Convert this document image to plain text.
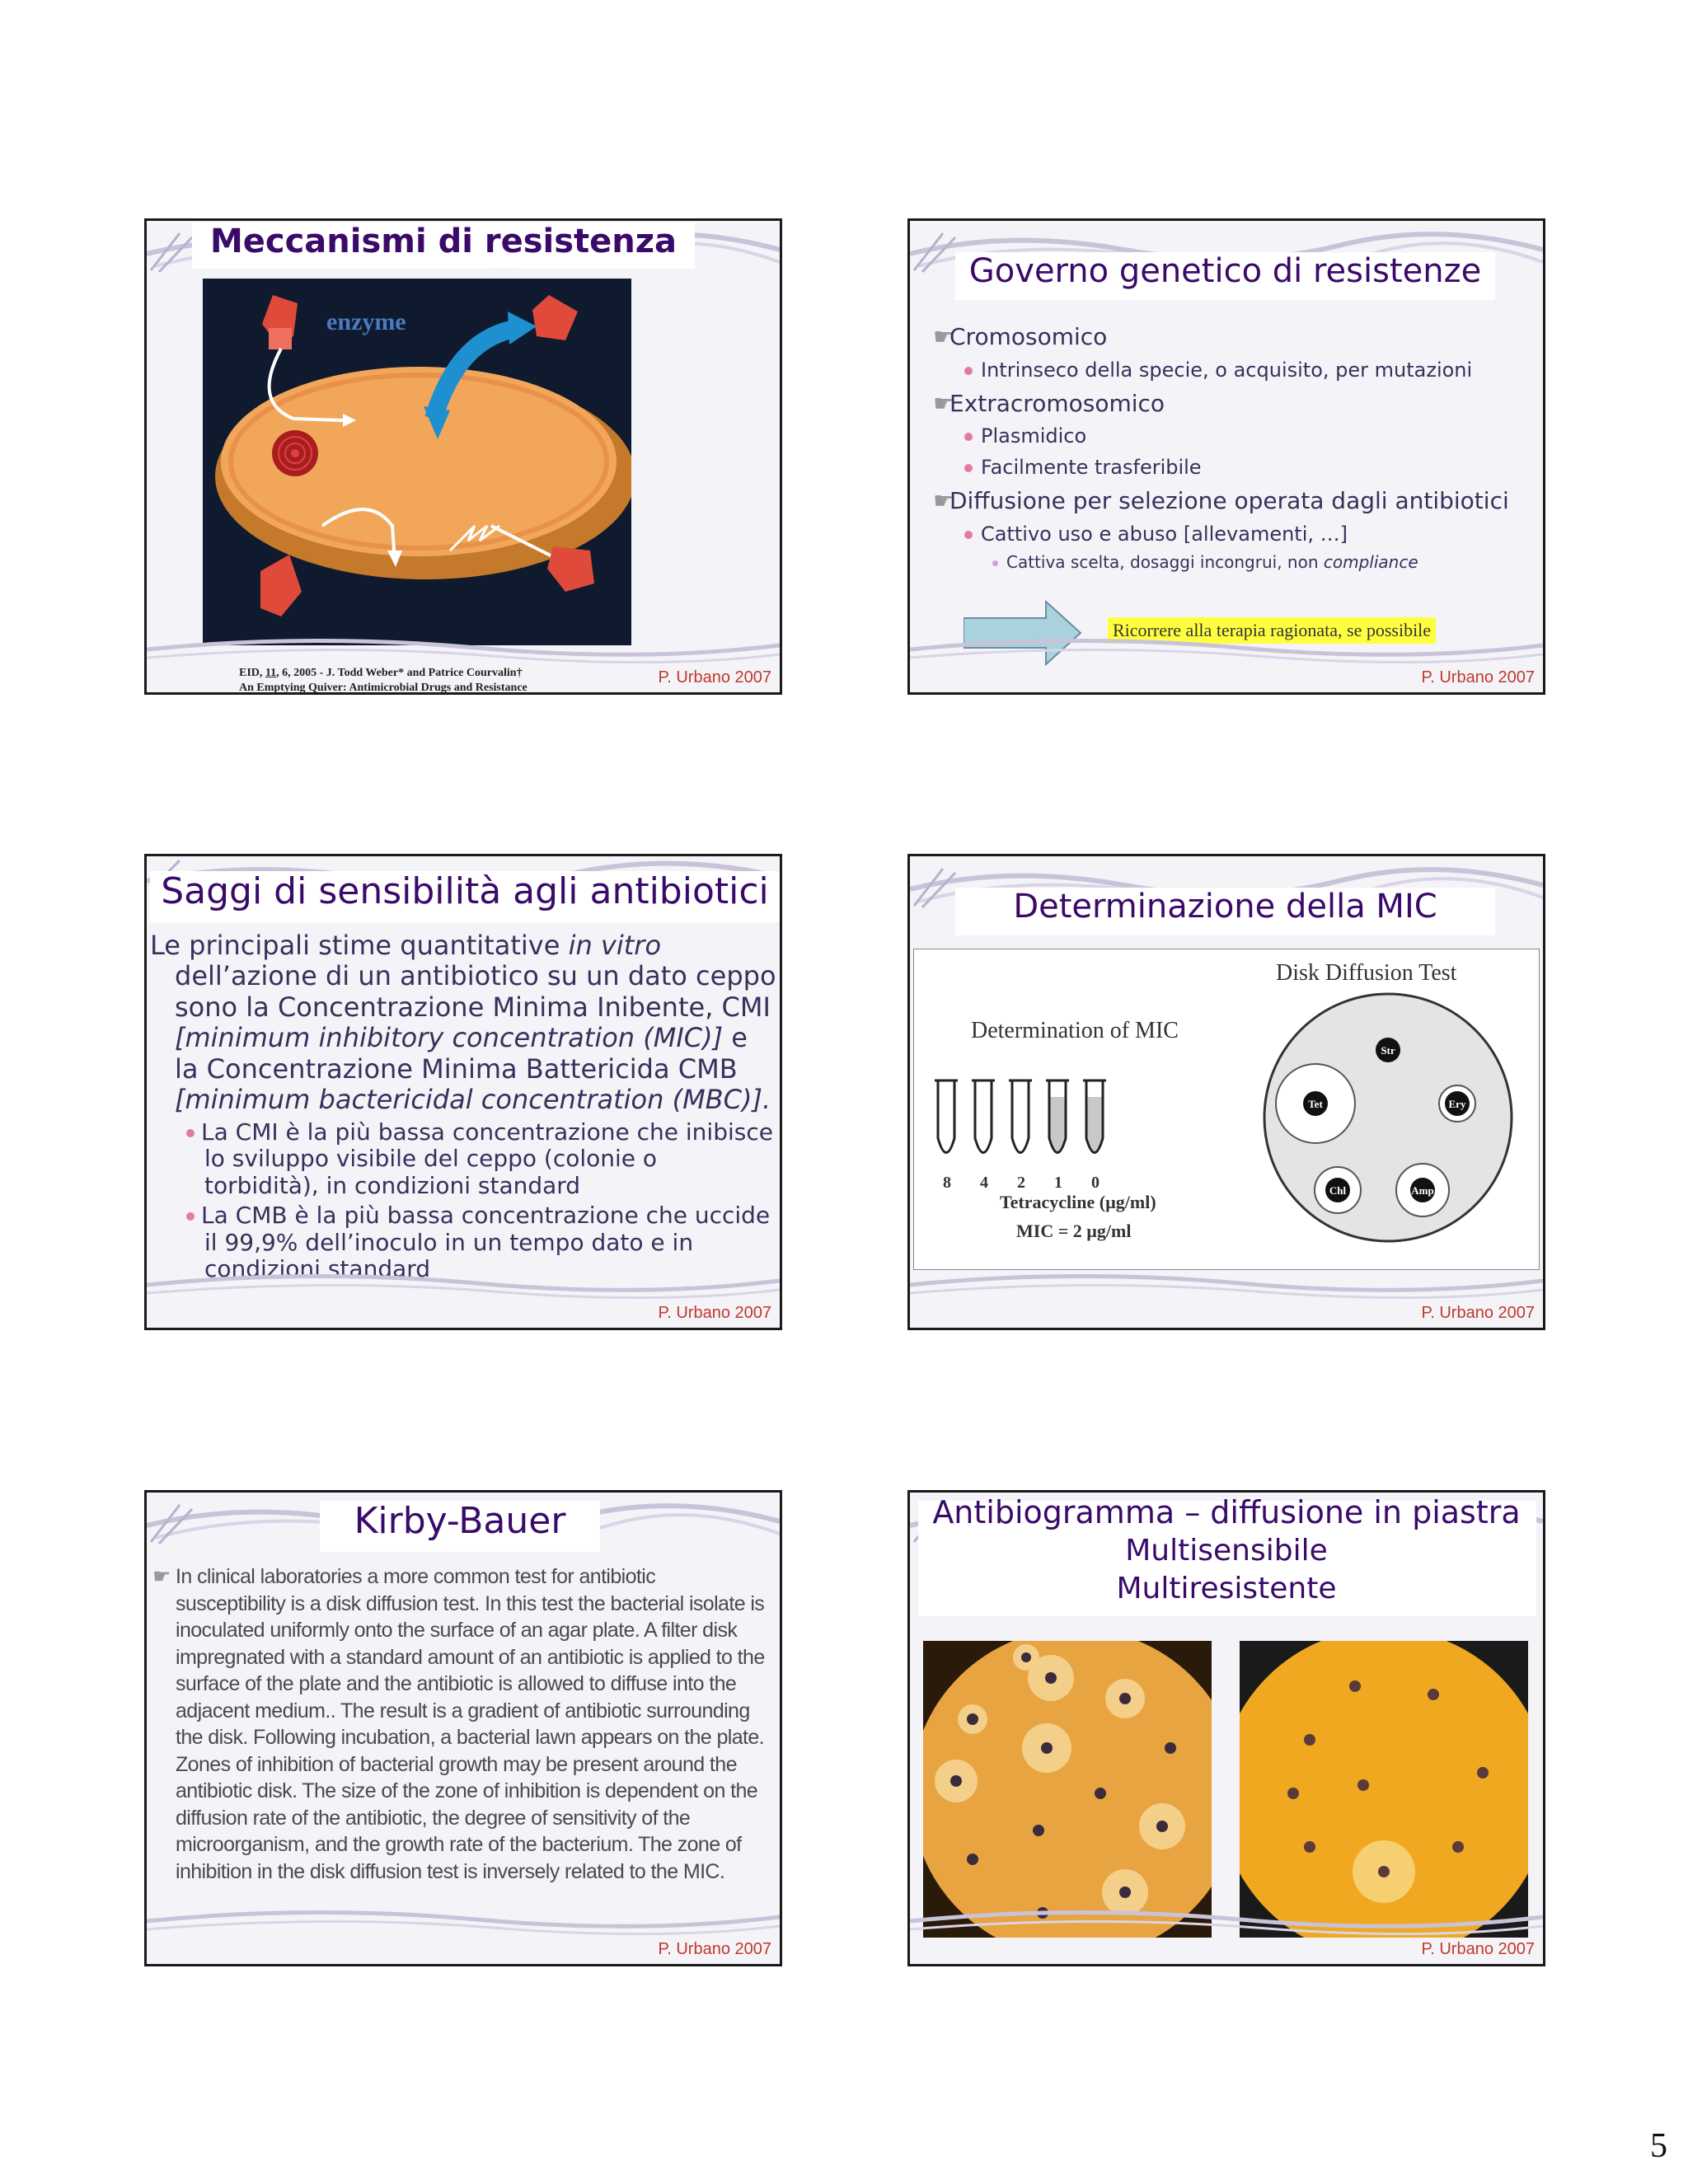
Meccanismi di resistenza
enzyme
EID, 11, 6, 2005 - J. Todd Weber* and Patrice Courvalin†
An Emptying Quiver: Antimicrobial Drugs and Resistance
P. Urbano 2007
Governo genetico di resistenze
☛Cromosomico
Intrinseco della specie, o acquisito, per mutazioni
☛Extracromosomico
Plasmidico
Facilmente trasferibile
☛Diffusione per selezione operata dagli antibiotici
Cattivo uso e abuso [allevamenti, …]
Cattiva scelta, dosaggi incongrui, non compliance
Ricorrere alla terapia ragionata, se possibile
P. Urbano 2007
Saggi di sensibilità agli antibiotici
Le principali stime quantitative in vitro dell’azione di un antibiotico su un dato ceppo sono la Concentrazione Minima Inibente, CMI [minimum inhibitory concentration (MIC)] e la Concentrazione Minima Battericida CMB [minimum bactericidal concentration (MBC)].
La CMI è la più bassa concentrazione che inibisce lo sviluppo visibile del ceppo (colonie o torbidità), in condizioni standard
La CMB è la più bassa concentrazione che uccide il 99,9% dell’inoculo in un tempo dato e in condizioni standard
P. Urbano 2007
Determinazione della MIC
Disk Diffusion Test
Determination of MIC
8 4 2 1 0
Tetracycline (µg/ml)
MIC = 2 µg/ml
Str
Tet	Ery
Chl	Amp
P. Urbano 2007
Kirby-Bauer
☛ In clinical laboratories a more common test for antibiotic susceptibility is a disk diffusion test. In this test the bacterial isolate is inoculated uniformly onto the surface of an agar plate. A filter disk impregnated with a standard amount of an antibiotic is applied to the surface of the plate and the antibiotic is allowed to diffuse into the adjacent medium.. The result is a gradient of antibiotic surrounding the disk. Following incubation, a bacterial lawn appears on the plate. Zones of inhibition of bacterial growth may be present around the antibiotic disk. The size of the zone of inhibition is dependent on the diffusion rate of the antibiotic, the degree of sensitivity of the microorganism, and the growth rate of the bacterium. The zone of inhibition in the disk diffusion test is inversely related to the MIC.
P. Urbano 2007
Antibiogramma – diffusione in piastra
Multisensibile
Multiresistente
P. Urbano 2007
5
